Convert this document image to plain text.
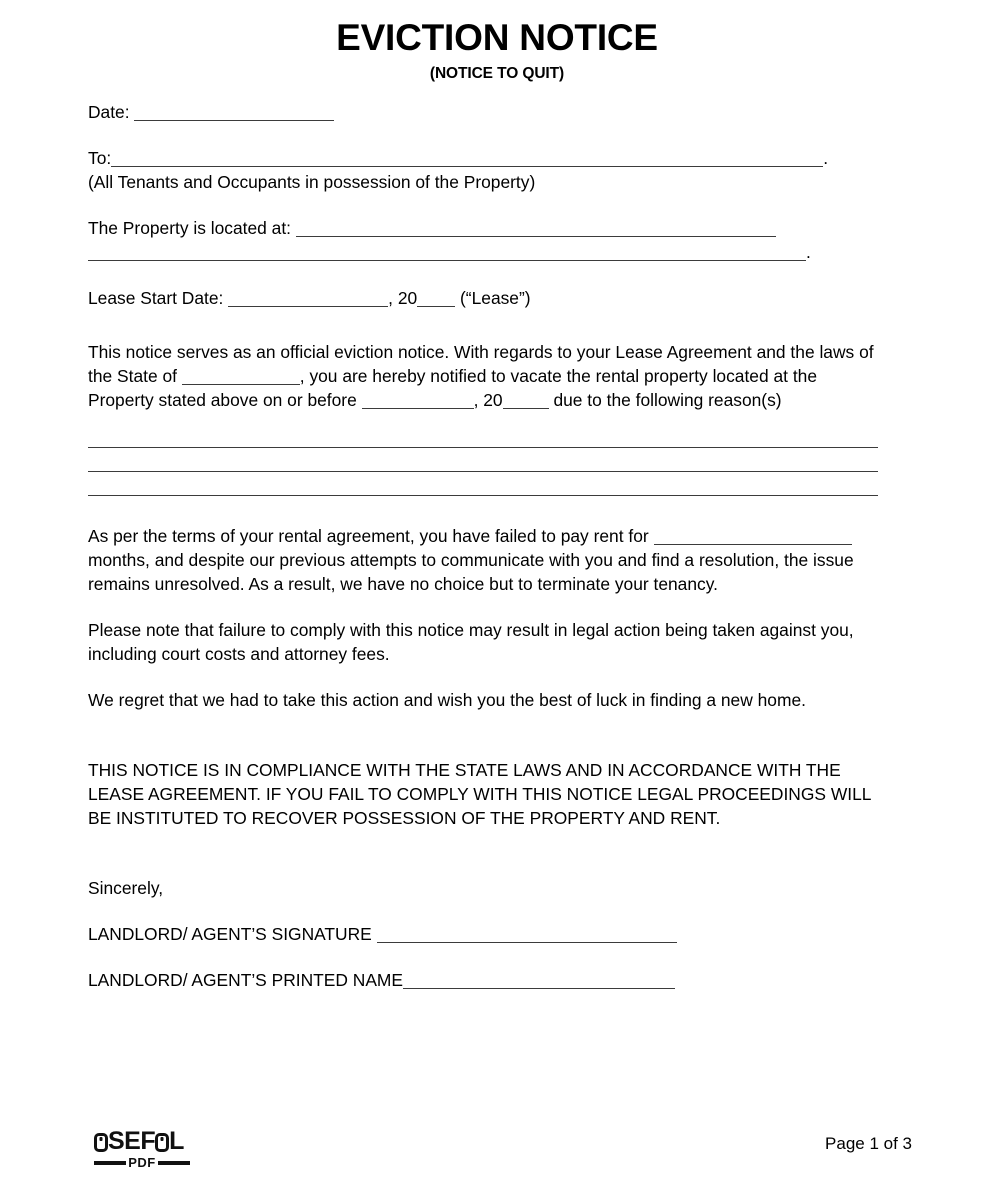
EVICTION NOTICE

(NOTICE TO QUIT)

Date:
To:	.
(All Tenants and Occupants in possession of the Property)
The Property is located at:
.
Lease Start Date:	, 20 (“Lease”)
This notice serves as an official eviction notice. With regards to your Lease Agreement and the laws of
the State of	, you are hereby notified to vacate the rental property located at the
Property stated above on or before	, 20	due to the following reason(s)
As per the terms of your rental agreement, you have failed to pay rent for
months, and despite our previous attempts to communicate with you and find a resolution, the issue
remains unresolved. As a result, we have no choice but to terminate your tenancy.
Please note that failure to comply with this notice may result in legal action being taken against you,
including court costs and attorney fees.
We regret that we had to take this action and wish you the best of luck in finding a new home.
THIS NOTICE IS IN COMPLIANCE WITH THE STATE LAWS AND IN ACCORDANCE WITH THE
LEASE AGREEMENT. IF YOU FAIL TO COMPLY WITH THIS NOTICE LEGAL PROCEEDINGS WILL
BE INSTITUTED TO RECOVER POSSESSION OF THE PROPERTY AND RENT.
Sincerely,
LANDLORD/ AGENT’S SIGNATURE
LANDLORD/ AGENT’S PRINTED NAME
SEF L
PDF
Page 1 of 3
